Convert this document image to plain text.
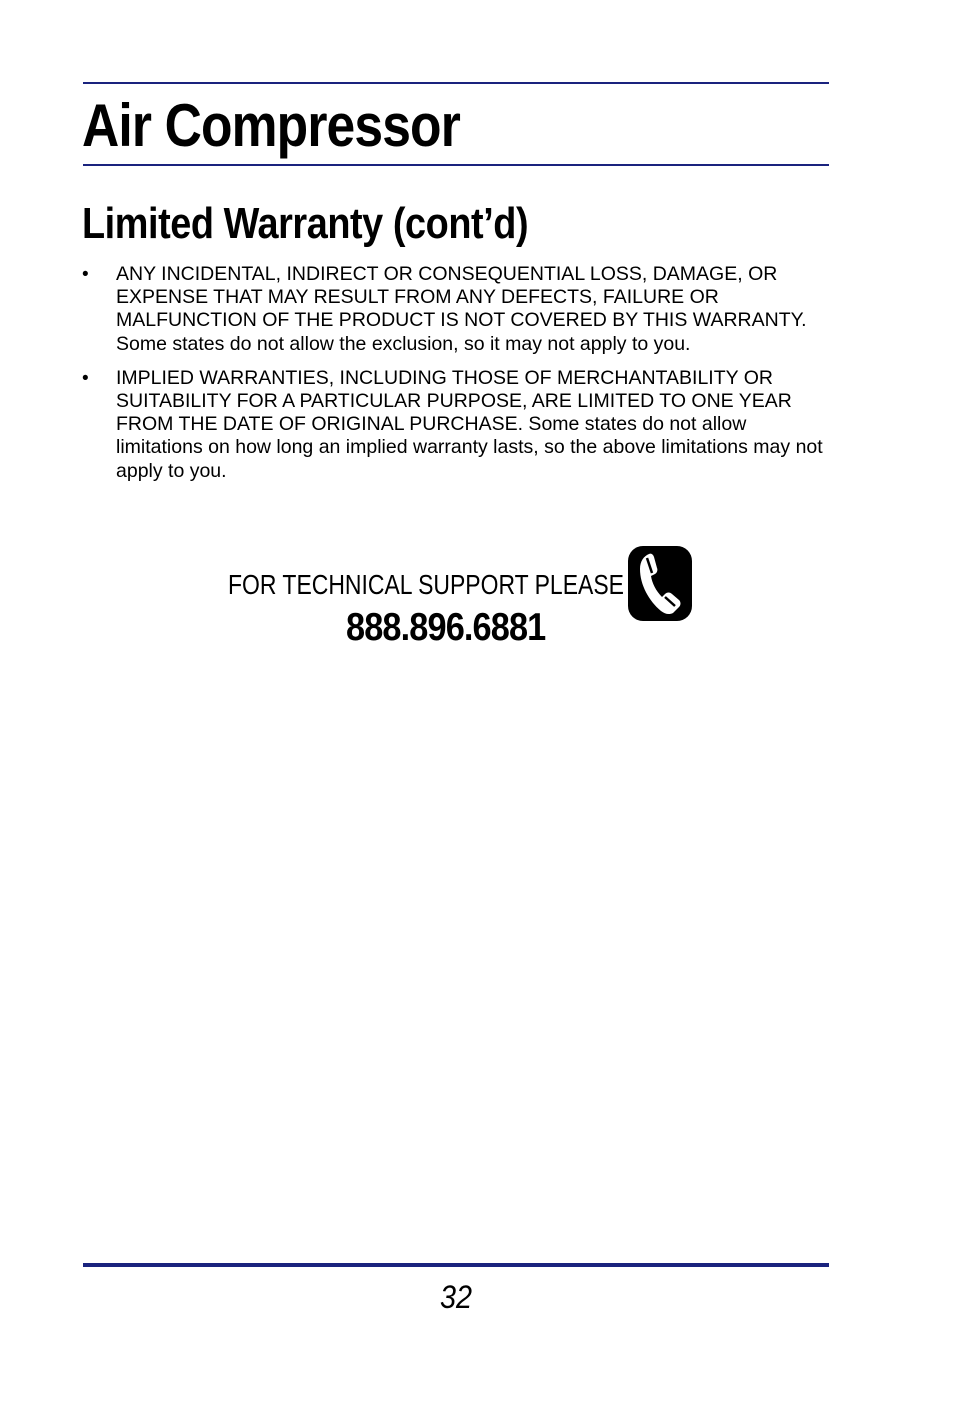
Air Compressor
Limited Warranty (cont’d)
• ANY INCIDENTAL, INDIRECT OR CONSEQUENTIAL LOSS, DAMAGE, OR EXPENSE THAT MAY RESULT FROM ANY DEFECTS, FAILURE OR MALFUNCTION OF THE PRODUCT IS NOT COVERED BY THIS WARRANTY. Some states do not allow the exclusion, so it may not apply to you.
• IMPLIED WARRANTIES, INCLUDING THOSE OF MERCHANTABILITY OR SUITABILITY FOR A PARTICULAR PURPOSE, ARE LIMITED TO ONE YEAR FROM THE DATE OF ORIGINAL PURCHASE. Some states do not allow limitations on how long an implied warranty lasts, so the above limitations may not apply to you.
FOR TECHNICAL SUPPORT PLEASE
888.896.6881
32
